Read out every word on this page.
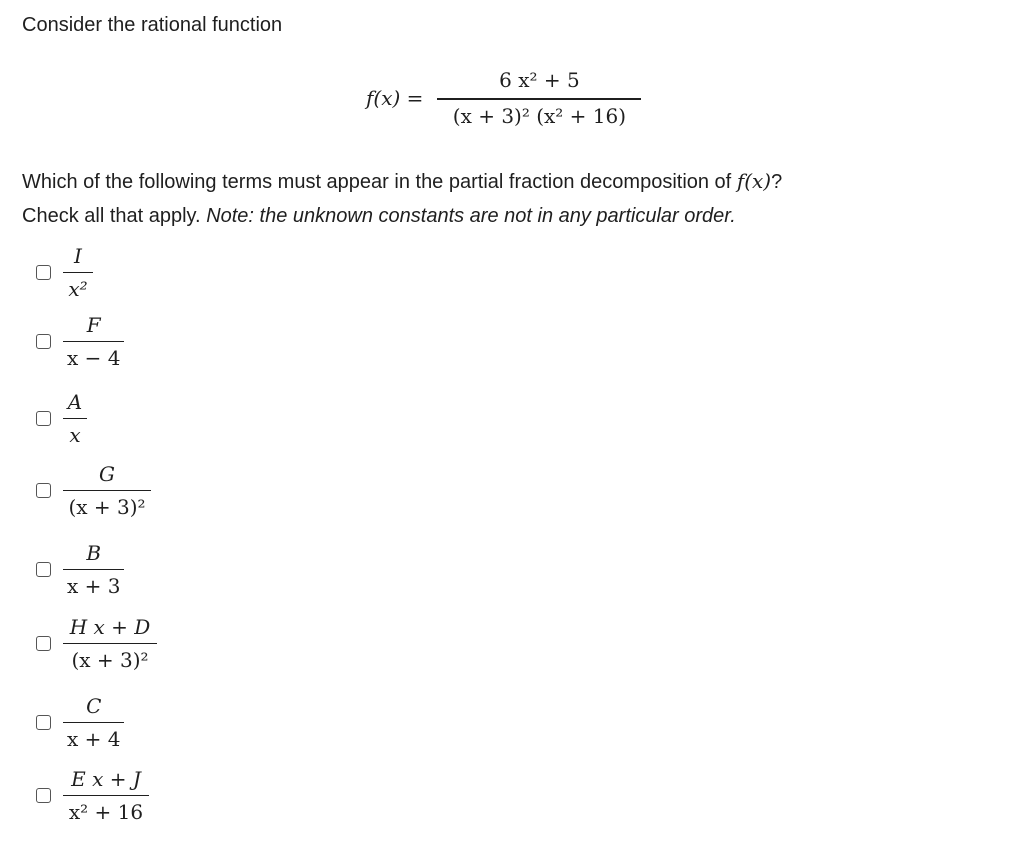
Consider the rational function
$f(x) = \frac{\text{6 x² + 5}}{\text{(x + 3)² (x² + 16)}}$
Which of the following terms must appear in the partial fraction decomposition of f(x)?
Check all that apply. Note: the unknown constants are not in any particular order.
$\frac{I}{\text{x²}}$
$\frac{F}{x - 4}$
$\frac{A}{x}$
$\frac{G}{\text{(x + 3)²}}$
$\frac{B}{x + 3}$
$\frac{\text{H x + D}}{\text{(x + 3)²}}$
$\frac{C}{x + 4}$
$\frac{\text{E x + J}}{\text{x² + 16}}$
